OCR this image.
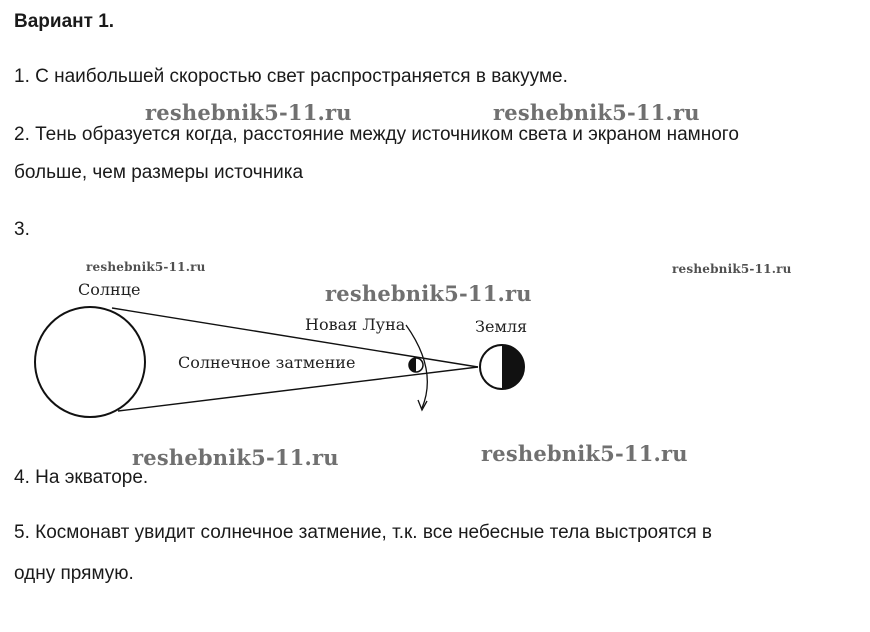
Вариант 1.
1. С наибольшей скоростью свет распространяется в вакууме.
2. Тень образуется когда, расстояние между источником света и экраном намного
больше, чем размеры источника
3.
Солнце
Новая Луна	Земля
Солнечное затмение
4. На экваторе.
5. Космонавт увидит солнечное затмение, т.к. все небесные тела выстроятся в
одну прямую.
reshebnik5-11.ru	reshebnik5-11.ru
reshebnik5-11.ru	reshebnik5-11.ru
reshebnik5-11.ru
reshebnik5-11.ru	reshebnik5-11.ru
